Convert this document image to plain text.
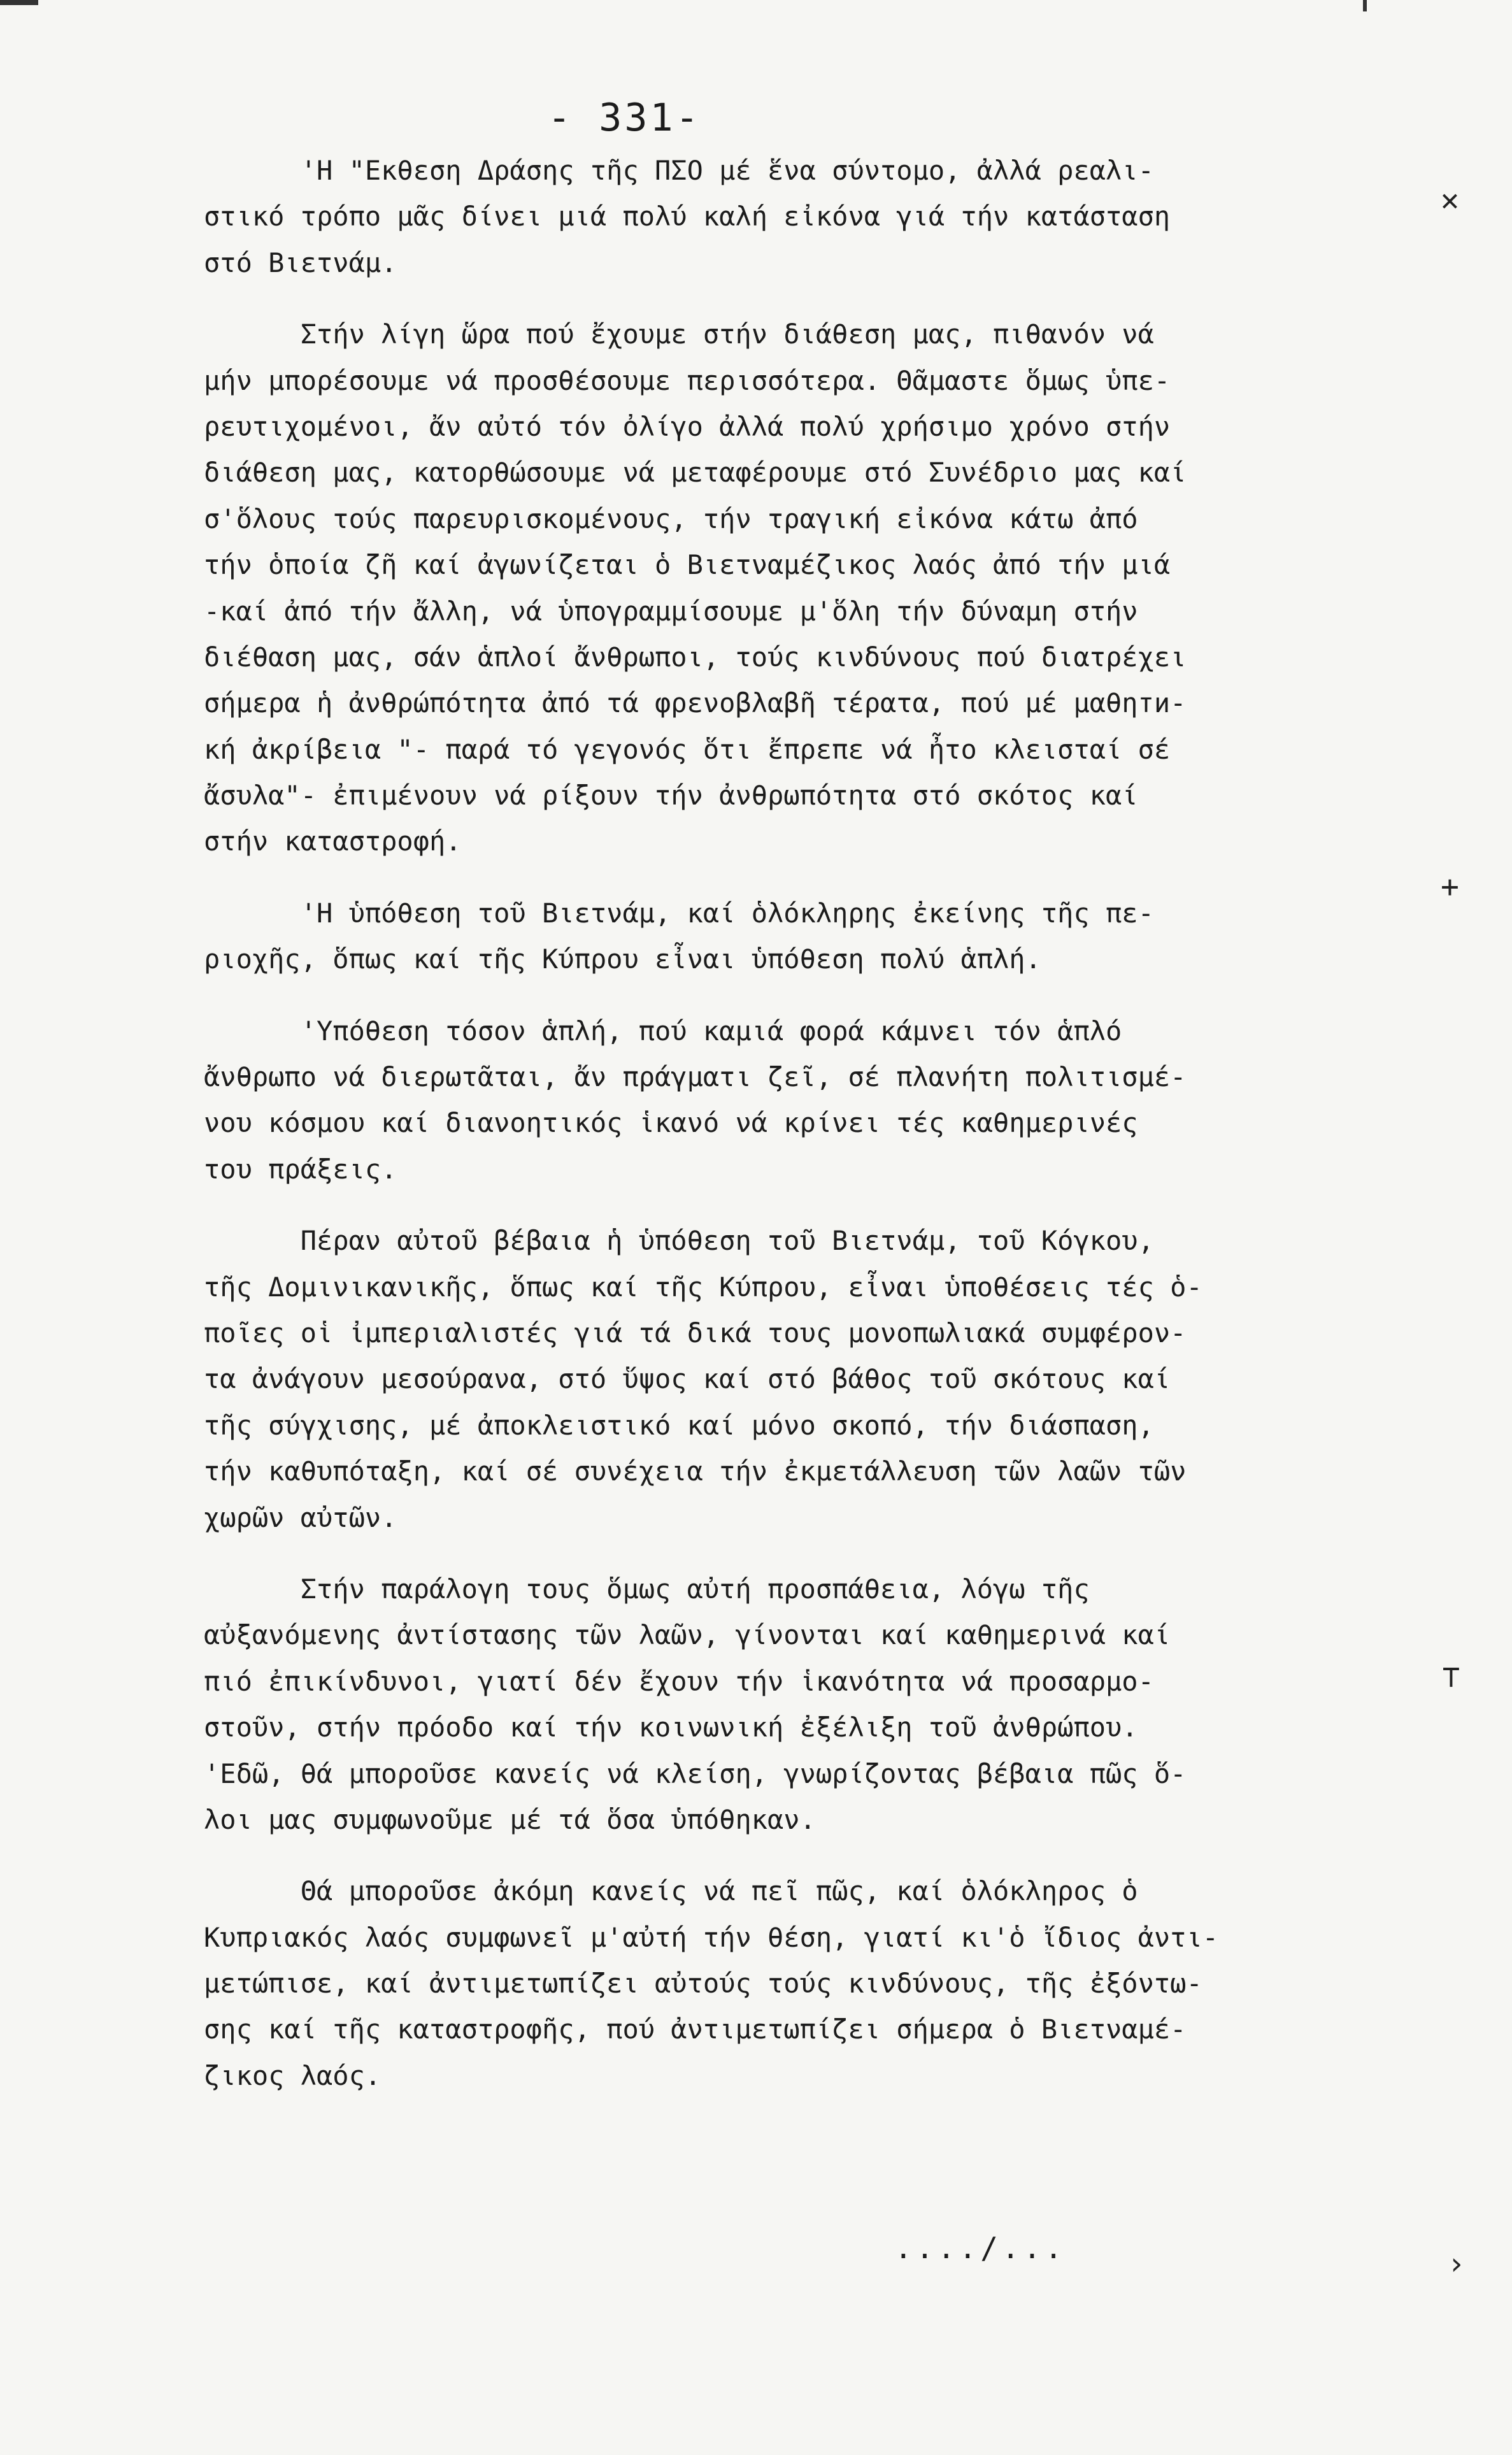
- 331-
'Η "Εκθεση Δράσης τῆς ΠΣΟ μέ ἕνα σύντομο, ἀλλά ρεαλι-
στικό τρόπο μᾶς δίνει μιά πολύ καλή εἰκόνα γιά τήν κατάσταση
στό Βιετνάμ.
Στήν λίγη ὥρα πού ἔχουμε στήν διάθεση μας, πιθανόν νά
μήν μπορέσουμε νά προσθέσουμε περισσότερα. Θᾶμαστε ὅμως ὑπε-
ρευτιχομένοι, ἄν αὐτό τόν ὀλίγο ἀλλά πολύ χρήσιμο χρόνο στήν
διάθεση μας, κατορθώσουμε νά μεταφέρουμε στό Συνέδριο μας καί
σ'ὅλους τούς παρευρισκομένους, τήν τραγική εἰκόνα κάτω ἀπό
τήν ὁποία ζῆ καί ἀγωνίζεται ὁ Βιετναμέζικος λαός ἀπό τήν μιά
-καί ἀπό τήν ἄλλη, νά ὑπογραμμίσουμε μ'ὅλη τήν δύναμη στήν
διέθαση μας, σάν ἁπλοί ἄνθρωποι, τούς κινδύνους πού διατρέχει
σήμερα ἡ ἀνθρώπότητα ἀπό τά φρενοβλαβῆ τέρατα, πού μέ μαθηти-
κή ἀκρίβεια "- παρά τό γεγονός ὅτι ἔπρεπε νά ἦτο κλεισταί σέ
ἄσυλα"- ἐπιμένουν νά ρίξουν τήν ἀνθρωπότητα στό σκότος καί
στήν καταστροφή.
'Η ὑπόθεση τοῦ Βιετνάμ, καί ὁλόκληρης ἐκείνης τῆς πε-
ριοχῆς, ὅπως καί τῆς Κύπρου εἶναι ὑπόθεση πολύ ἁπλή.
'Υπόθεση τόσον ἁπλή, πού καμιά φορά κάμνει τόν ἁπλό
ἄνθρωπο νά διερωτᾶται, ἄν πράγματι ζεῖ, σέ πλανήτη πολιτισμέ-
νου κόσμου καί διανοητικός ἱκανό νά κρίνει τές καθημερινές
του πράξεις.
Πέραν αὐτοῦ βέβαια ἡ ὑπόθεση τοῦ Βιετνάμ, τοῦ Κόγκου,
τῆς Δομινικανικῆς, ὅπως καί τῆς Κύπρου, εἶναι ὑποθέσεις τές ὁ-
ποῖες οἱ ἰμπεριαλιστές γιά τά δικά τους μονοπωλιακά συμφέρον-
τα ἀνάγουν μεσούρανα, στό ὕψος καί στό βάθος τοῦ σκότους καί
τῆς σύγχισης, μέ ἀποκλειστικό καί μόνο σκοπό, τήν διάσπαση,
τήν καθυπόταξη, καί σέ συνέχεια τήν ἐκμετάλλευση τῶν λαῶν τῶν
χωρῶν αὐτῶν.
Στήν παράλογη τους ὅμως αὐτή προσπάθεια, λόγω τῆς
αὐξανόμενης ἀντίστασης τῶν λαῶν, γίνονται καί καθημερινά καί
πιό ἐπικίνδυνοι, γιατί δέν ἔχουν τήν ἱκανότητα νά προσαρμο-
στοῦν, στήν πρόοδο καί τήν κοινωνική ἐξέλιξη τοῦ ἀνθρώπου.
'Εδῶ, θά μποροῦσε κανείς νά κλείση, γνωρίζοντας βέβαια πῶς ὅ-
λοι μας συμφωνοῦμε μέ τά ὅσα ὑπόθηκαν.
Θά μποροῦσε ἀκόμη κανείς νά πεῖ πῶς, καί ὁλόκληρος ὁ
Κυπριακός λαός συμφωνεῖ μ'αὐτή τήν θέση, γιατί κι'ὁ ἴδιος ἀντι-
μετώπισε, καί ἀντιμετωπίζει αὐτούς τούς κινδύνους, τῆς ἐξόντω-
σης καί τῆς καταστροφῆς, πού ἀντιμετωπίζει σήμερα ὁ Βιετναμέ-
ζικος λαός.
✕
+
⊤
›
..../...
